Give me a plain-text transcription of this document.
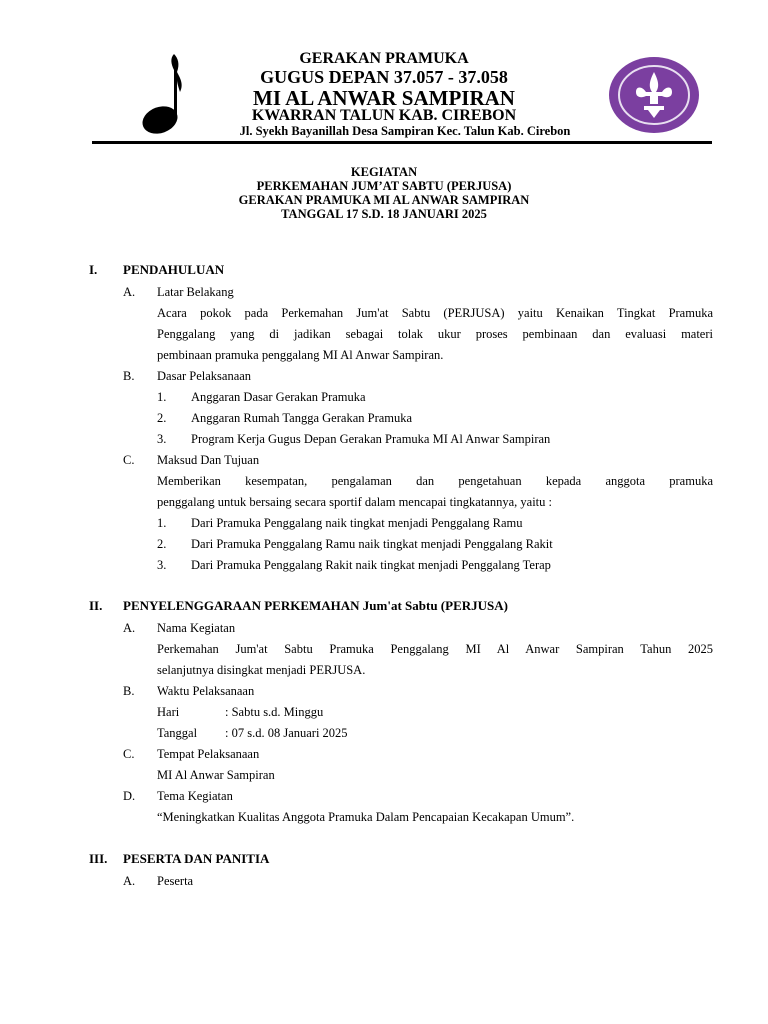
GERAKAN PRAMUKA
GUGUS DEPAN 37.057 - 37.058
MI AL ANWAR SAMPIRAN
KWARRAN TALUN KAB. CIREBON
Jl. Syekh Bayanillah Desa Sampiran Kec. Talun Kab. Cirebon
KEGIATAN
PERKEMAHAN JUM’AT SABTU (PERJUSA)
GERAKAN PRAMUKA MI AL ANWAR SAMPIRAN
TANGGAL 17 S.D. 18 JANUARI 2025
I. PENDAHULUAN
A. Latar Belakang
Acara pokok pada Perkemahan Jum'at Sabtu (PERJUSA) yaitu Kenaikan Tingkat Pramuka
Penggalang yang di jadikan sebagai tolak ukur proses pembinaan dan evaluasi materi
pembinaan pramuka penggalang MI Al Anwar Sampiran.
B. Dasar Pelaksanaan
1. Anggaran Dasar Gerakan Pramuka
2. Anggaran Rumah Tangga Gerakan Pramuka
3. Program Kerja Gugus Depan Gerakan Pramuka MI Al Anwar Sampiran
C. Maksud Dan Tujuan
Memberikan kesempatan, pengalaman dan pengetahuan kepada anggota pramuka
penggalang untuk bersaing secara sportif dalam mencapai tingkatannya, yaitu :
1. Dari Pramuka Penggalang naik tingkat menjadi Penggalang Ramu
2. Dari Pramuka Penggalang Ramu naik tingkat menjadi Penggalang Rakit
3. Dari Pramuka Penggalang Rakit naik tingkat menjadi Penggalang Terap
II. PENYELENGGARAAN PERKEMAHAN Jum'at Sabtu (PERJUSA)
A. Nama Kegiatan
Perkemahan Jum'at Sabtu Pramuka Penggalang MI Al Anwar Sampiran Tahun 2025
selanjutnya disingkat menjadi PERJUSA.
B. Waktu Pelaksanaan
Hari	: Sabtu s.d. Minggu
Tanggal : 07 s.d. 08 Januari 2025
C. Tempat Pelaksanaan
MI Al Anwar Sampiran
D. Tema Kegiatan
“Meningkatkan Kualitas Anggota Pramuka Dalam Pencapaian Kecakapan Umum”.
III. PESERTA DAN PANITIA
A. Peserta
